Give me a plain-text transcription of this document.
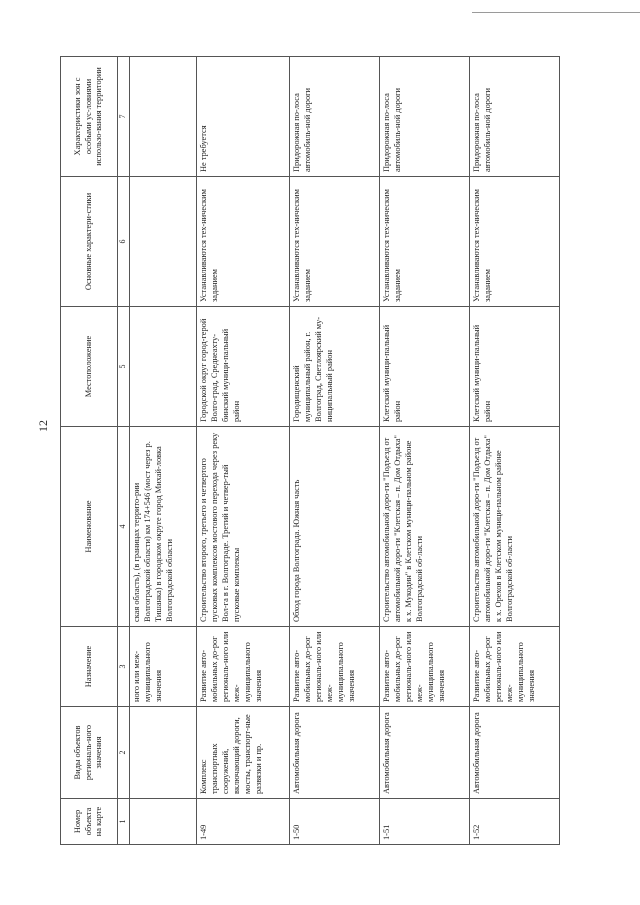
12
Номер объекта на карте	Виды объектов региональ-ного значения	Назначение	Наименование	Местоположение	Основные характери-стики	Характеристики зон с особыми ус-ловиями использо-вания территории
1	2	3	4	5	6	7
		ного или меж-муниципального значения	ская область), (в границах террито-рии Волгоградской области) км 174+546 (мост через р. Тишанка) в городском округе город Михай-ловка Волгоградской области			
1-49	Комплекс транспортных сооружений, включающий дороги, мосты, транспорт-ные развязки и пр.	Развитие авто-мобильных до-рог региональ-ного или меж-муниципального значения	Строительство второго, третьего и четвертого пусковых комплексов мостового перехода через реку Вол-га в г. Волгограде. Третий и четвер-тый пусковые комплексы	Городской округ город-герой Волго-град, Среднеахту-бинский муници-пальный район	Устанавливаются тех-ническим заданием	Не требуется
1-50	Автомобильная дорога	Развитие авто-мобильных до-рог региональ-ного или меж-муниципального значения	Обход города Волгограда. Южная часть	Городищенский муниципальный район, г. Волгоград, Светлоярский му-ниципальный район	Устанавливаются тех-ническим заданием	Придорожная по-лоса автомобиль-ной дороги
1-51	Автомобильная дорога	Развитие авто-мобильных до-рог региональ-ного или меж-муниципального значения	Строительство автомобильной доро-ги "Подъезд от автомобильной доро-ги "Клетская – п. Дом Отдыха" к х. Мукодин" в Клетском муници-пальном районе Волгоградской об-ласти	Клетский муници-пальный район	Устанавливаются тех-ническим заданием	Придорожная по-лоса автомобиль-ной дороги
1-52	Автомобильная дорога	Развитие авто-мобильных до-рог региональ-ного или меж-муниципального значения	Строительство автомобильной доро-ги "Подъезд от автомобильной доро-ги "Клетская – п. Дом Отдыха" к х. Орехов в Клетском муници-пальном районе Волгоградской об-ласти	Клетский муници-пальный район	Устанавливаются тех-ническим заданием	Придорожная по-лоса автомобиль-ной дороги
